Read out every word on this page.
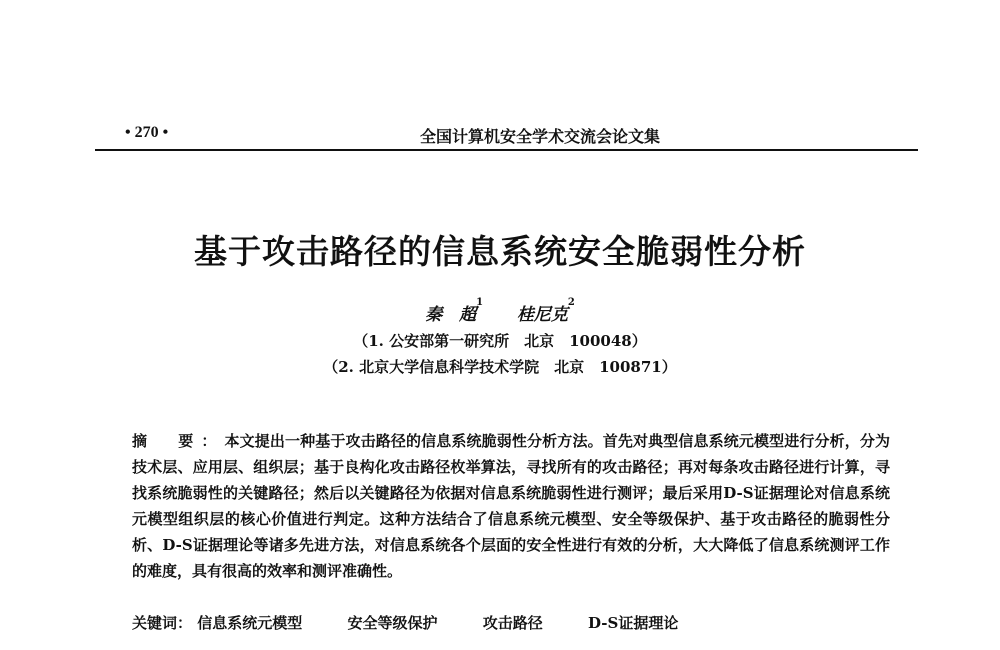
• 270 •	全国计算机安全学术交流会论文集
基于攻击路径的信息系统安全脆弱性分析
秦　超$^1$  桂尼克$^2$
（1. 公安部第一研究所　北京　100048）
（2. 北京大学信息科学技术学院　北京　100871）

摘　要：本文提出一种基于攻击路径的信息系统脆弱性分析方法。首先对典型信息系统元模型进行分析，分为技术层、应用层、组织层；基于良构化攻击路径枚举算法，寻找所有的攻击路径；再对每条攻击路径进行计算，寻找系统脆弱性的关键路径；然后以关键路径为依据对信息系统脆弱性进行测评；最后采用D-S证据理论对信息系统元模型组织层的核心价值进行判定。这种方法结合了信息系统元模型、安全等级保护、基于攻击路径的脆弱性分析、D-S证据理论等诸多先进方法，对信息系统各个层面的安全性进行有效的分析，大大降低了信息系统测评工作的难度，具有很高的效率和测评准确性。

关键词： 信息系统元模型	安全等级保护	攻击路径	D-S证据理论
